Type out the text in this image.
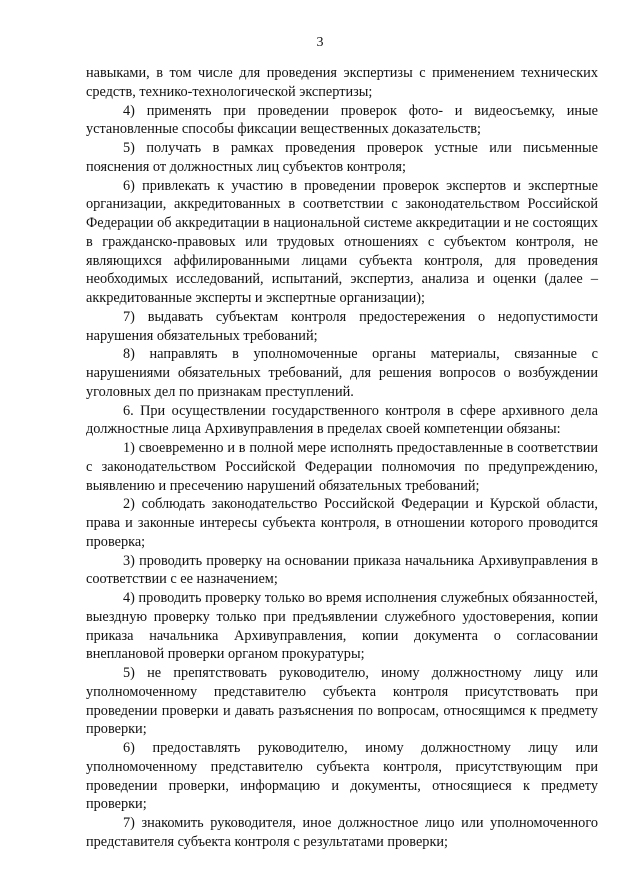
3

навыками, в том числе для проведения экспертизы с применением технических средств, технико-технологической экспертизы;

4) применять при проведении проверок фото- и видеосъемку, иные установленные способы фиксации вещественных доказательств;

5) получать в рамках проведения проверок устные или письменные пояснения от должностных лиц субъектов контроля;

6) привлекать к участию в проведении проверок экспертов и экспертные организации, аккредитованных в соответствии с законодательством Российской Федерации об аккредитации в национальной системе аккредитации и не состоящих в гражданско-правовых или трудовых отношениях с субъектом контроля, не являющихся аффилированными лицами субъекта контроля, для проведения необходимых исследований, испытаний, экспертиз, анализа и оценки (далее – аккредитованные эксперты и экспертные организации);

7) выдавать субъектам контроля предостережения о недопустимости нарушения обязательных требований;

8) направлять в уполномоченные органы материалы, связанные с нарушениями обязательных требований, для решения вопросов о возбуждении уголовных дел по признакам преступлений.

6. При осуществлении государственного контроля в сфере архивного дела должностные лица Архивуправления в пределах своей компетенции обязаны:

1) своевременно и в полной мере исполнять предоставленные в соответствии с законодательством Российской Федерации полномочия по предупреждению, выявлению и пресечению нарушений обязательных требований;

2) соблюдать законодательство Российской Федерации и Курской области, права и законные интересы субъекта контроля, в отношении которого проводится проверка;

3) проводить проверку на основании приказа начальника Архивуправления в соответствии с ее назначением;

4) проводить проверку только во время исполнения служебных обязанностей, выездную проверку только при предъявлении служебного удостоверения, копии приказа начальника Архивуправления, копии документа о согласовании внеплановой проверки органом прокуратуры;

5) не препятствовать руководителю, иному должностному лицу или уполномоченному представителю субъекта контроля присутствовать при проведении проверки и давать разъяснения по вопросам, относящимся к предмету проверки;

6) предоставлять руководителю, иному должностному лицу или уполномоченному представителю субъекта контроля, присутствующим при проведении проверки, информацию и документы, относящиеся к предмету проверки;

7) знакомить руководителя, иное должностное лицо или уполномоченного представителя субъекта контроля с результатами проверки;
